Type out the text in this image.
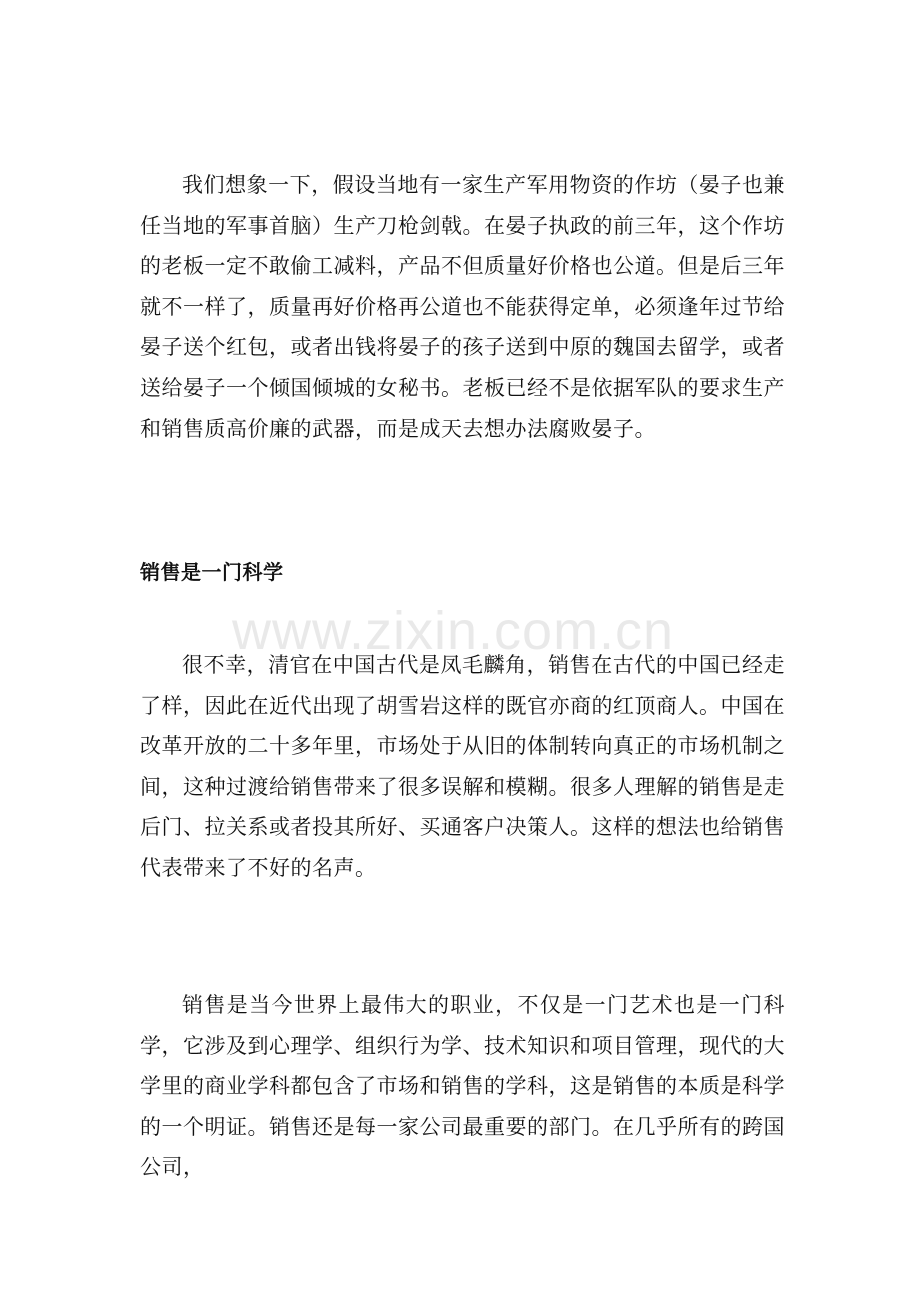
我们想象一下，假设当地有一家生产军用物资的作坊（晏子也兼任当地的军事首脑）生产刀枪剑戟。在晏子执政的前三年，这个作坊的老板一定不敢偷工减料，产品不但质量好价格也公道。但是后三年就不一样了，质量再好价格再公道也不能获得定单，必须逢年过节给晏子送个红包，或者出钱将晏子的孩子送到中原的魏国去留学，或者送给晏子一个倾国倾城的女秘书。老板已经不是依据军队的要求生产和销售质高价廉的武器，而是成天去想办法腐败晏子。

销售是一门科学
www.zixin.com.cn

很不幸，清官在中国古代是凤毛麟角，销售在古代的中国已经走了样，因此在近代出现了胡雪岩这样的既官亦商的红顶商人。中国在改革开放的二十多年里，市场处于从旧的体制转向真正的市场机制之间，这种过渡给销售带来了很多误解和模糊。很多人理解的销售是走后门、拉关系或者投其所好、买通客户决策人。这样的想法也给销售代表带来了不好的名声。

销售是当今世界上最伟大的职业，不仅是一门艺术也是一门科学，它涉及到心理学、组织行为学、技术知识和项目管理，现代的大学里的商业学科都包含了市场和销售的学科，这是销售的本质是科学的一个明证。销售还是每一家公司最重要的部门。在几乎所有的跨国公司，
